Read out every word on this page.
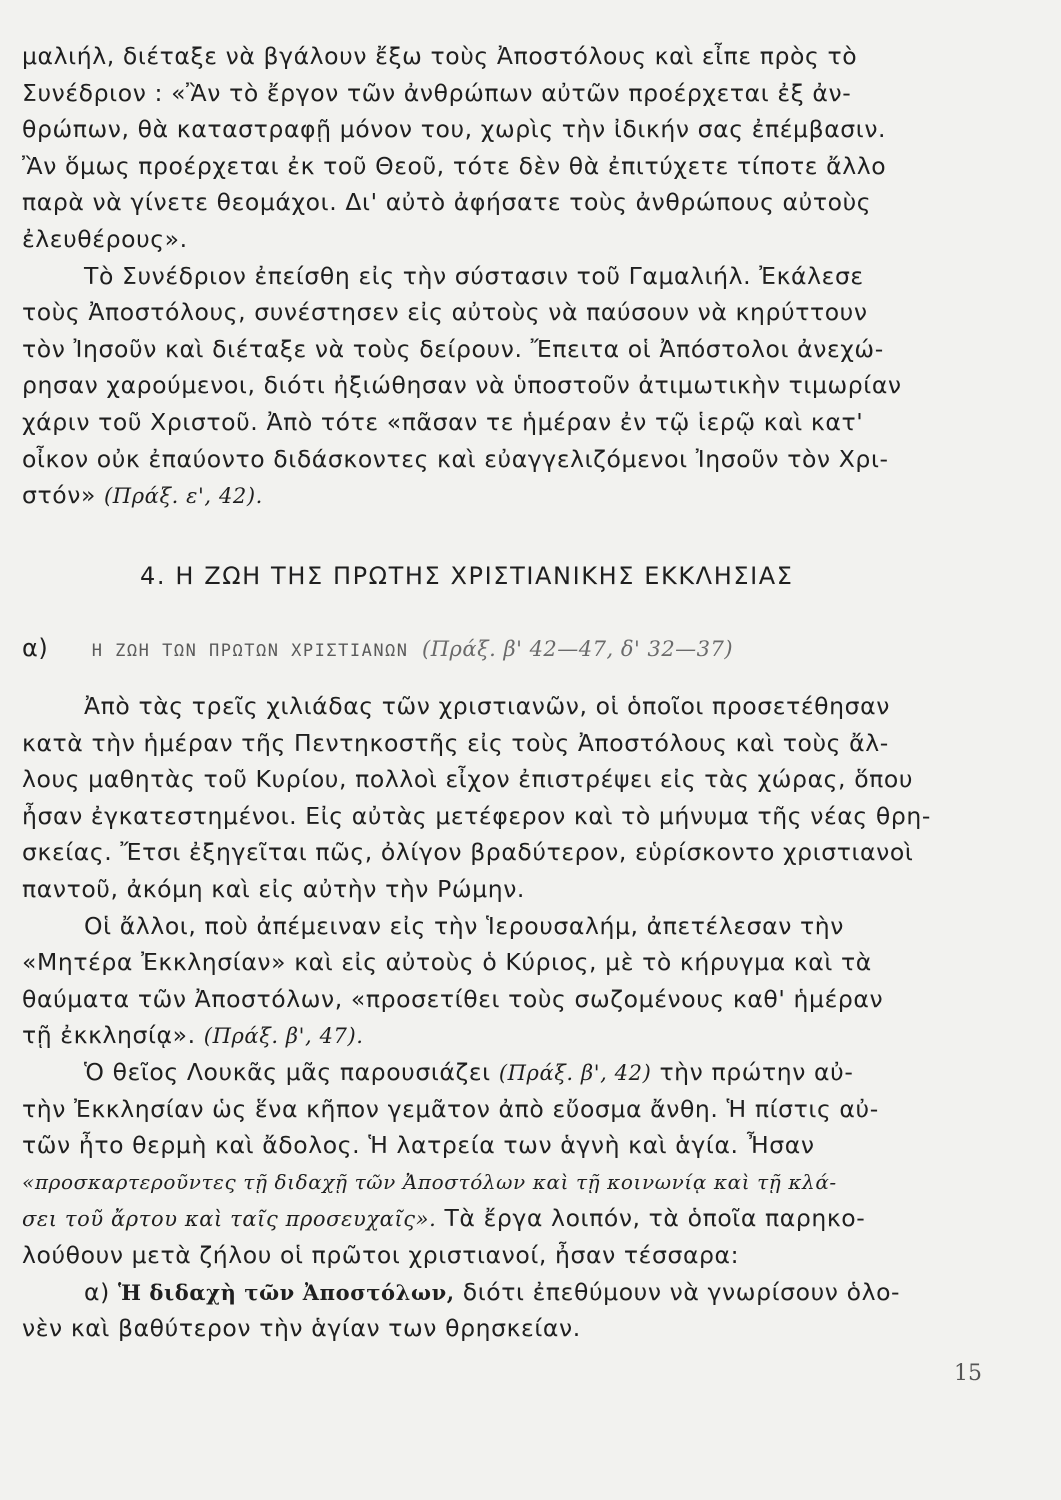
μαλιήλ, διέταξε νὰ βγάλουν ἔξω τοὺς Ἀποστόλους καὶ εἶπε πρὸς τὸ
Συνέδριον : «Ἂν τὸ ἔργον τῶν ἀνθρώπων αὐτῶν προέρχεται ἐξ ἀν-
θρώπων, θὰ καταστραφῇ μόνον του, χωρὶς τὴν ἰδικήν σας ἐπέμβασιν.
Ἂν ὅμως προέρχεται ἐκ τοῦ Θεοῦ, τότε δὲν θὰ ἐπιτύχετε τίποτε ἄλλο
παρὰ νὰ γίνετε θεομάχοι. Δι' αὐτὸ ἀφήσατε τοὺς ἀνθρώπους αὐτοὺς
ἐλευθέρους».
Τὸ Συνέδριον ἐπείσθη εἰς τὴν σύστασιν τοῦ Γαμαλιήλ. Ἐκάλεσε
τοὺς Ἀποστόλους, συνέστησεν εἰς αὐτοὺς νὰ παύσουν νὰ κηρύττουν
τὸν Ἰησοῦν καὶ διέταξε νὰ τοὺς δείρουν. Ἔπειτα οἱ Ἀπόστολοι ἀνεχώ-
ρησαν χαρούμενοι, διότι ἠξιώθησαν νὰ ὑποστοῦν ἀτιμωτικὴν τιμωρίαν
χάριν τοῦ Χριστοῦ. Ἀπὸ τότε «πᾶσαν τε ἡμέραν ἐν τῷ ἱερῷ καὶ κατ'
οἶκον οὐκ ἐπαύοντο διδάσκοντες καὶ εὐαγγελιζόμενοι Ἰησοῦν τὸν Χρι-
στόν» (Πράξ. ε', 42).
4. Η ΖΩΗ ΤΗΣ ΠΡΩΤΗΣ ΧΡΙΣΤΙΑΝΙΚΗΣ ΕΚΚΛΗΣΙΑΣ
α)	Η ΖΩΗ ΤΩΝ ΠΡΩΤΩΝ ΧΡΙΣΤΙΑΝΩΝ (Πράξ. β' 42—47, δ' 32—37)
Ἀπὸ τὰς τρεῖς χιλιάδας τῶν χριστιανῶν, οἱ ὁποῖοι προσετέθησαν
κατὰ τὴν ἡμέραν τῆς Πεντηκοστῆς εἰς τοὺς Ἀποστόλους καὶ τοὺς ἄλ-
λους μαθητὰς τοῦ Κυρίου, πολλοὶ εἶχον ἐπιστρέψει εἰς τὰς χώρας, ὅπου
ἦσαν ἐγκατεστημένοι. Εἰς αὐτὰς μετέφερον καὶ τὸ μήνυμα τῆς νέας θρη-
σκείας. Ἔτσι ἐξηγεῖται πῶς, ὀλίγον βραδύτερον, εὑρίσκοντο χριστιανοὶ
παντοῦ, ἀκόμη καὶ εἰς αὐτὴν τὴν Ρώμην.
Οἱ ἄλλοι, ποὺ ἀπέμειναν εἰς τὴν Ἱερουσαλήμ, ἀπετέλεσαν τὴν
«Μητέρα Ἐκκλησίαν» καὶ εἰς αὐτοὺς ὁ Κύριος, μὲ τὸ κήρυγμα καὶ τὰ
θαύματα τῶν Ἀποστόλων, «προσετίθει τοὺς σωζομένους καθ' ἡμέραν
τῇ ἐκκλησίᾳ». (Πράξ. β', 47).
Ὁ θεῖος Λουκᾶς μᾶς παρουσιάζει (Πράξ. β', 42) τὴν πρώτην αὐ-
τὴν Ἐκκλησίαν ὡς ἕνα κῆπον γεμᾶτον ἀπὸ εὔοσμα ἄνθη. Ἡ πίστις αὐ-
τῶν ἦτο θερμὴ καὶ ἄδολος. Ἡ λατρεία των ἁγνὴ καὶ ἁγία. Ἦσαν
«προσκαρτεροῦντες τῇ διδαχῇ τῶν Ἀποστόλων καὶ τῇ κοινωνίᾳ καὶ τῇ κλά-
σει τοῦ ἄρτου καὶ ταῖς προσευχαῖς». Τὰ ἔργα λοιπόν, τὰ ὁποῖα παρηκο-
λούθουν μετὰ ζήλου οἱ πρῶτοι χριστιανοί, ἦσαν τέσσαρα:
α) Ἡ διδαχὴ τῶν Ἀποστόλων, διότι ἐπεθύμουν νὰ γνωρίσουν ὁλο-
νὲν καὶ βαθύτερον τὴν ἁγίαν των θρησκείαν.
15
